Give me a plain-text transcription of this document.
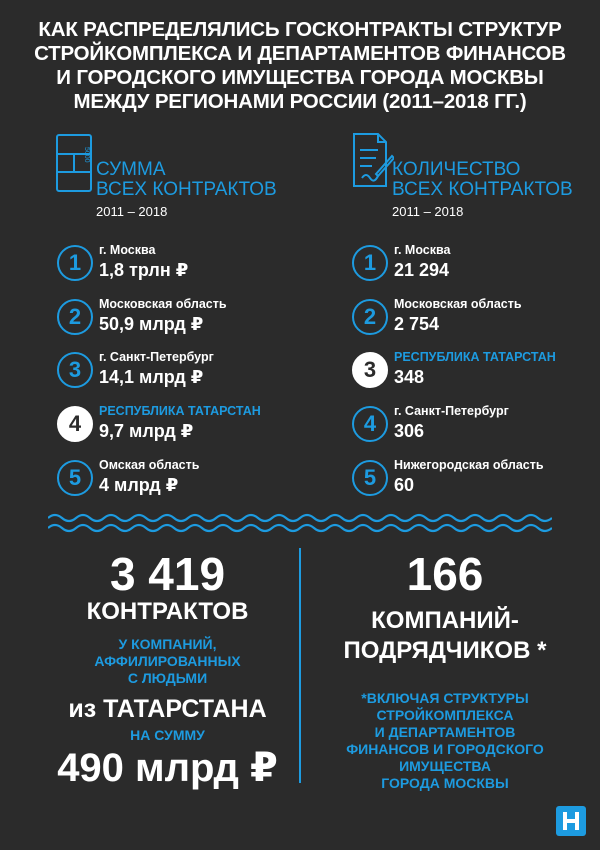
КАК РАСПРЕДЕЛЯЛИСЬ ГОСКОНТРАКТЫ СТРУКТУР
СТРОЙКОМПЛЕКСА И ДЕПАРТАМЕНТОВ ФИНАНСОВ
И ГОРОДСКОГО ИМУЩЕСТВА ГОРОДА МОСКВЫ
МЕЖДУ РЕГИОНАМИ РОССИИ (2011–2018 ГГ.)
5000
СУММА
ВСЕХ КОНТРАКТОВ
2011 – 2018
КОЛИЧЕСТВО
ВСЕХ КОНТРАКТОВ
2011 – 2018
1	г. Москва
1,8 трлн ₽
2	Московская область
50,9 млрд ₽
3	г. Санкт-Петербург
14,1 млрд ₽
4	РЕСПУБЛИКА ТАТАРСТАН
9,7 млрд ₽
5	Омская область
4 млрд ₽
1	г. Москва
21 294
2	Московская область
2 754
3	РЕСПУБЛИКА ТАТАРСТАН
348
4	г. Санкт-Петербург
306
5	Нижегородская область
60
3 419
КОНТРАКТОВ
У КОМПАНИЙ,
АФФИЛИРОВАННЫХ
С ЛЮДЬМИ
из ТАТАРСТАНА
НА СУММУ
490 млрд ₽
166
КОМПАНИЙ-
ПОДРЯДЧИКОВ *
*ВКЛЮЧАЯ СТРУКТУРЫ
СТРОЙКОМПЛЕКСА
И ДЕПАРТАМЕНТОВ
ФИНАНСОВ И ГОРОДСКОГО
ИМУЩЕСТВА
ГОРОДА МОСКВЫ
